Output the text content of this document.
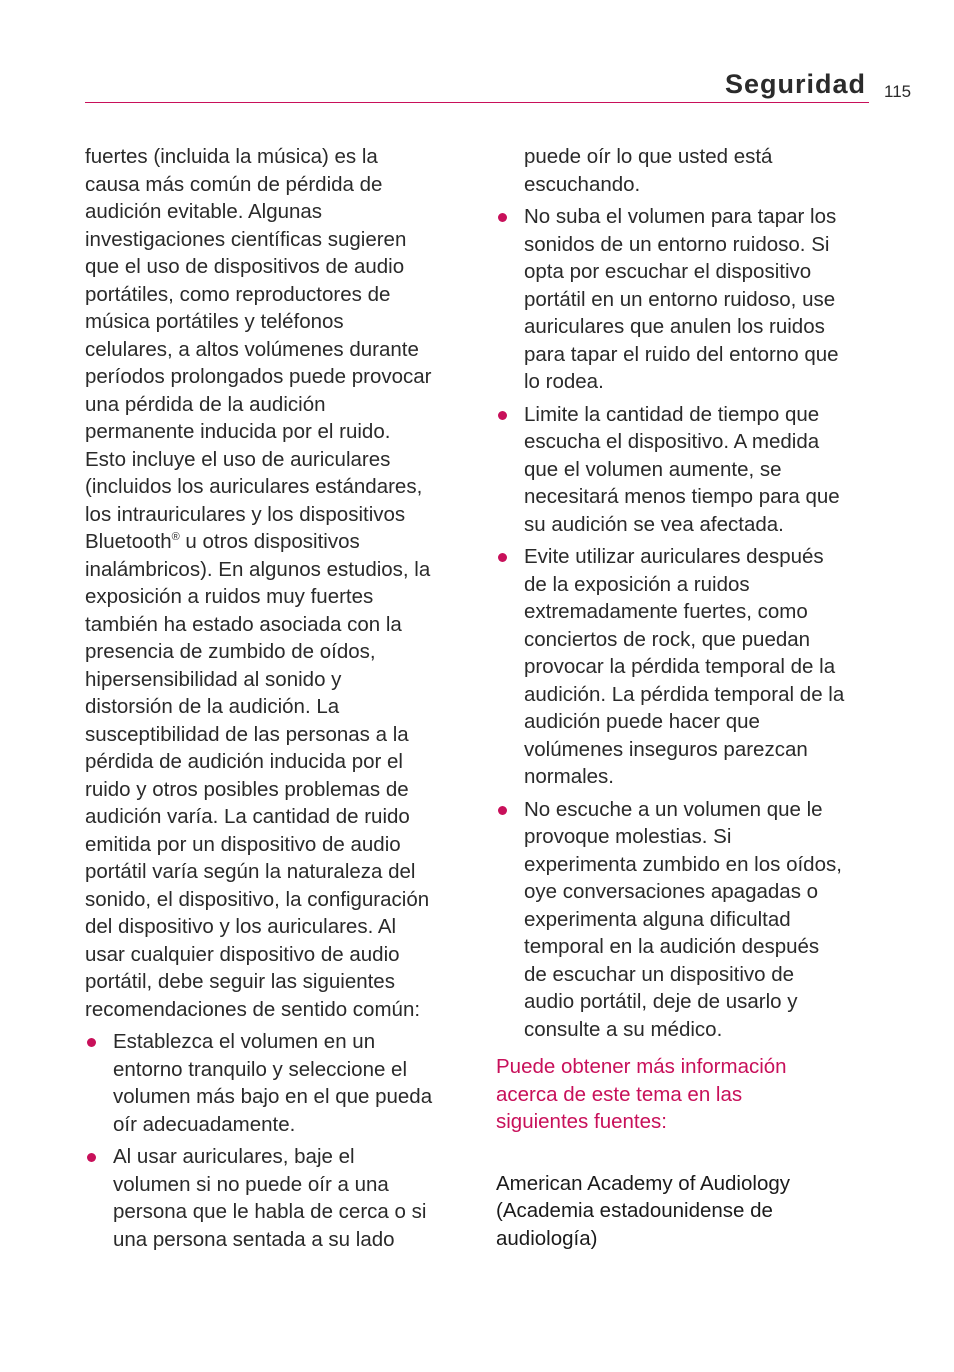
Seguridad 115
fuertes (incluida la música) es la
causa más común de pérdida de
audición evitable. Algunas
investigaciones científicas sugieren
que el uso de dispositivos de audio
portátiles, como reproductores de
música portátiles y teléfonos
celulares, a altos volúmenes durante
períodos prolongados puede provocar
una pérdida de la audición
permanente inducida por el ruido.
Esto incluye el uso de auriculares
(incluidos los auriculares estándares,
los intrauriculares y los dispositivos
Bluetooth® u otros dispositivos
inalámbricos). En algunos estudios, la
exposición a ruidos muy fuertes
también ha estado asociada con la
presencia de zumbido de oídos,
hipersensibilidad al sonido y
distorsión de la audición. La
susceptibilidad de las personas a la
pérdida de audición inducida por el
ruido y otros posibles problemas de
audición varía. La cantidad de ruido
emitida por un dispositivo de audio
portátil varía según la naturaleza del
sonido, el dispositivo, la configuración
del dispositivo y los auriculares. Al
usar cualquier dispositivo de audio
portátil, debe seguir las siguientes
recomendaciones de sentido común:
Establezca el volumen en un
entorno tranquilo y seleccione el
volumen más bajo en el que pueda
oír adecuadamente.
Al usar auriculares, baje el
volumen si no puede oír a una
persona que le habla de cerca o si
una persona sentada a su lado
puede oír lo que usted está
escuchando.
No suba el volumen para tapar los
sonidos de un entorno ruidoso. Si
opta por escuchar el dispositivo
portátil en un entorno ruidoso, use
auriculares que anulen los ruidos
para tapar el ruido del entorno que
lo rodea.
Limite la cantidad de tiempo que
escucha el dispositivo. A medida
que el volumen aumente, se
necesitará menos tiempo para que
su audición se vea afectada.
Evite utilizar auriculares después
de la exposición a ruidos
extremadamente fuertes, como
conciertos de rock, que puedan
provocar la pérdida temporal de la
audición. La pérdida temporal de la
audición puede hacer que
volúmenes inseguros parezcan
normales.
No escuche a un volumen que le
provoque molestias. Si
experimenta zumbido en los oídos,
oye conversaciones apagadas o
experimenta alguna dificultad
temporal en la audición después
de escuchar un dispositivo de
audio portátil, deje de usarlo y
consulte a su médico.
Puede obtener más información
acerca de este tema en las
siguientes fuentes:
American Academy of Audiology
(Academia estadounidense de
audiología)
